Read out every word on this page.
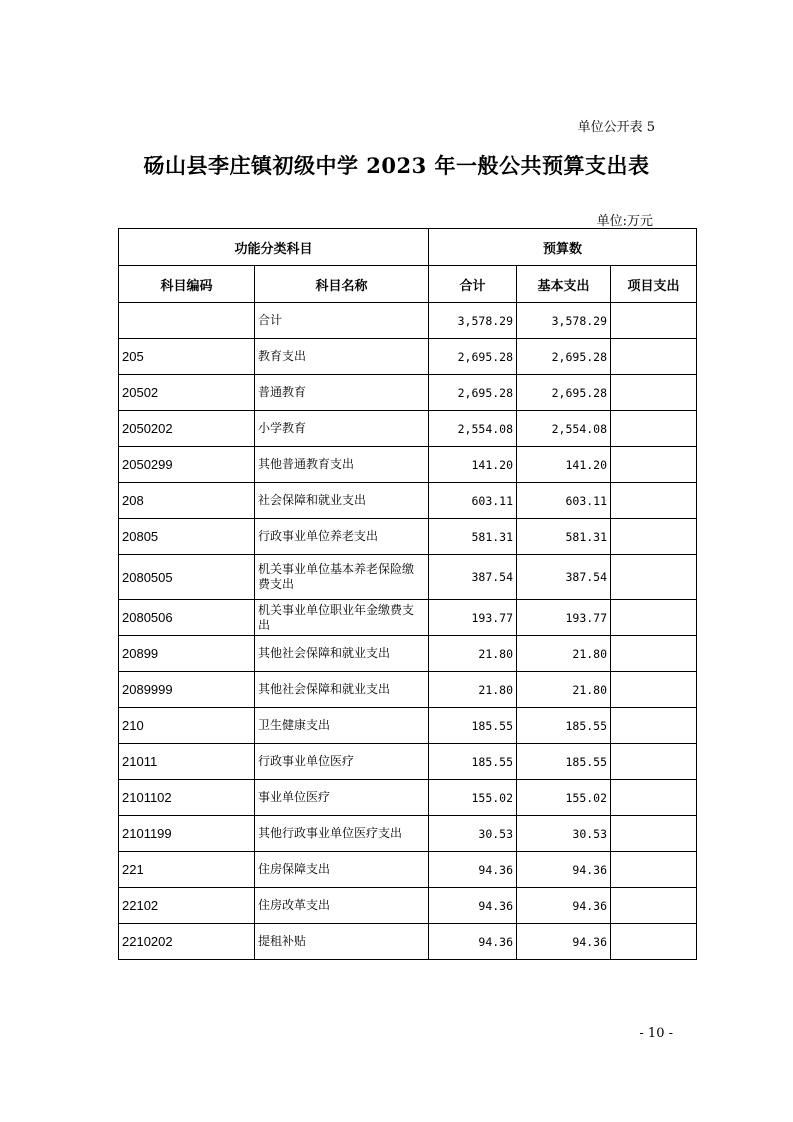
单位公开表 5
砀山县李庄镇初级中学 2023 年一般公共预算支出表
单位:万元
功能分类科目		预算数		
科目编码	科目名称	合计	基本支出	项目支出
	合计	3,578.29	3,578.29	
205	教育支出	2,695.28	2,695.28	
20502	普通教育	2,695.28	2,695.28	
2050202	小学教育	2,554.08	2,554.08	
2050299	其他普通教育支出	141.20	141.20	
208	社会保障和就业支出	603.11	603.11	
20805	行政事业单位养老支出	581.31	581.31	
2080505	机关事业单位基本养老保险缴费支出	387.54	387.54	
2080506	机关事业单位职业年金缴费支出	193.77	193.77	
20899	其他社会保障和就业支出	21.80	21.80	
2089999	其他社会保障和就业支出	21.80	21.80	
210	卫生健康支出	185.55	185.55	
21011	行政事业单位医疗	185.55	185.55	
2101102	事业单位医疗	155.02	155.02	
2101199	其他行政事业单位医疗支出	30.53	30.53	
221	住房保障支出	94.36	94.36	
22102	住房改革支出	94.36	94.36	
2210202	提租补贴	94.36	94.36	
- 10 -
